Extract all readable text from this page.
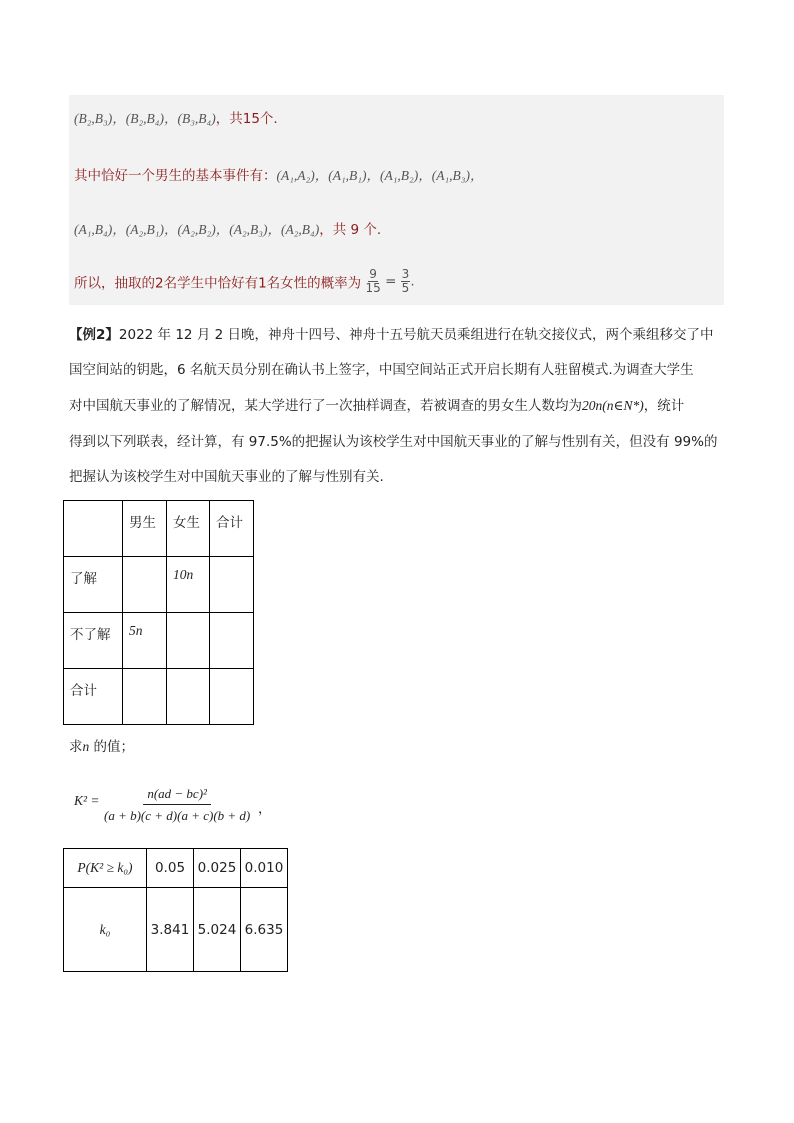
(B₂,B₃)，(B₂,B₄)，(B₃,B₄)，共15个.
其中恰好一个男生的基本事件有：(A₁,A₂)，(A₁,B₁)，(A₁,B₂)，(A₁,B₃)，
(A₁,B₄)，(A₂,B₁)，(A₂,B₂)，(A₂,B₃)，(A₂,B₄)，共 9 个.
所以，抽取的2名学生中恰好有1名女性的概率为 $\frac{9}{15} = \frac{3}{5}$ .
【例2】2022 年 12 月 2 日晚，神舟十四号、神舟十五号航天员乘组进行在轨交接仪式，两个乘组移交了中
国空间站的钥匙，6 名航天员分别在确认书上签字，中国空间站正式开启长期有人驻留模式.为调查大学生
对中国航天事业的了解情况，某大学进行了一次抽样调查，若被调查的男女生人数均为20n(n∈N*)，统计
得到以下列联表，经计算，有 97.5%的把握认为该校学生对中国航天事业的了解与性别有关，但没有 99%的
把握认为该校学生对中国航天事业的了解与性别有关.
	男生	女生	合计
了解		10n	
不了解	5n		
合计			
求n 的值；
$K^2 = \frac{\text{n(ad − bc)²}}{(a + b)(c + d)(a + c)(b + d)}$ ，
P(K² ≥ k₀)	0.05	0.025	0.010
k₀	3.841	5.024	6.635
